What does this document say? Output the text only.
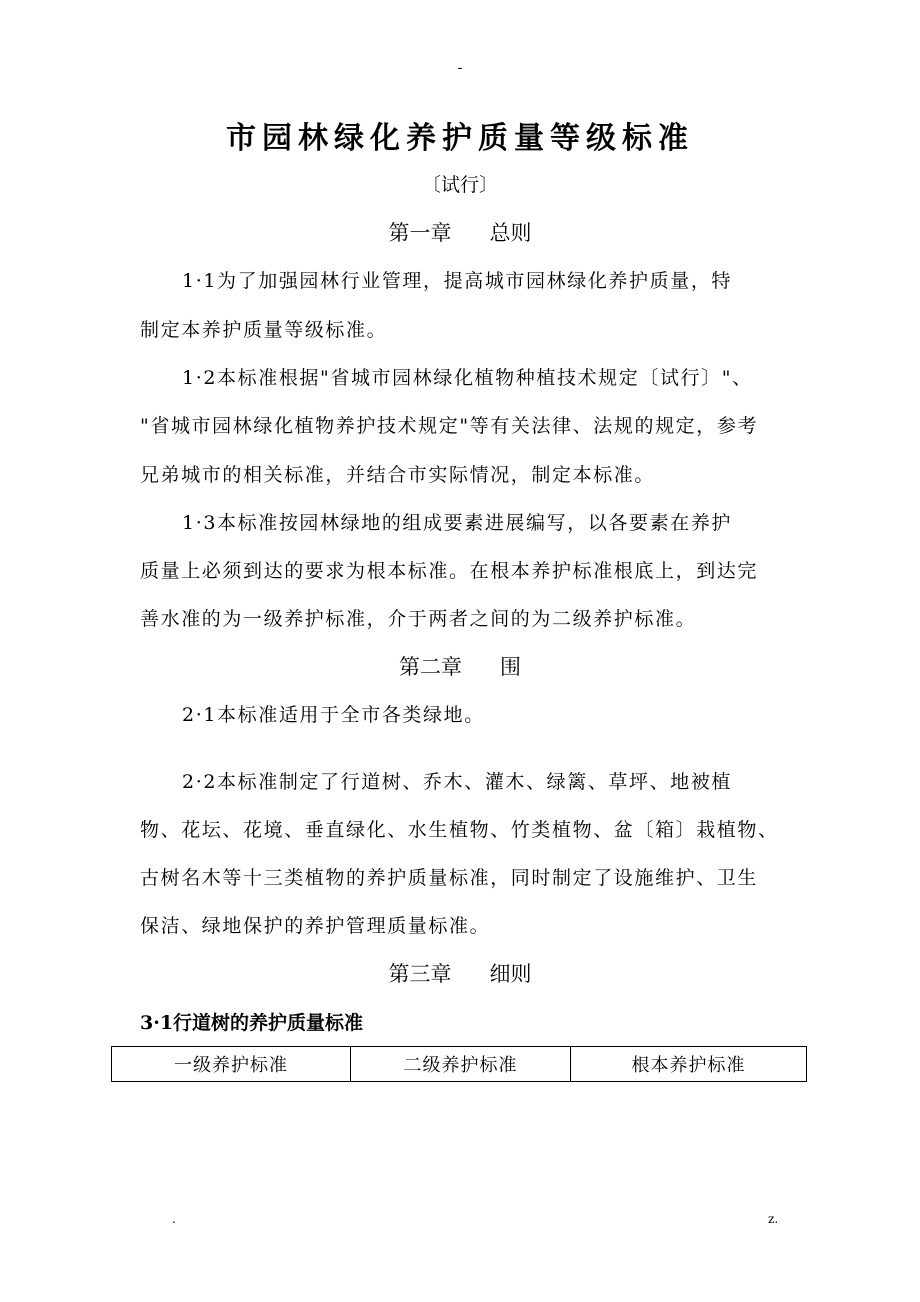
-
市园林绿化养护质量等级标准
〔试行〕
第一章 总则
1·1为了加强园林行业管理，提高城市园林绿化养护质量，特
制定本养护质量等级标准。
1·2本标准根据"省城市园林绿化植物种植技术规定〔试行〕"、
"省城市园林绿化植物养护技术规定"等有关法律、法规的规定，参考
兄弟城市的相关标准，并结合市实际情况，制定本标准。
1·3本标准按园林绿地的组成要素进展编写，以各要素在养护
质量上必须到达的要求为根本标准。在根本养护标准根底上，到达完
善水准的为一级养护标准，介于两者之间的为二级养护标准。
第二章 围
2·1本标准适用于全市各类绿地。
2·2本标准制定了行道树、乔木、灌木、绿篱、草坪、地被植
物、花坛、花境、垂直绿化、水生植物、竹类植物、盆〔箱〕栽植物、
古树名木等十三类植物的养护质量标准，同时制定了设施维护、卫生
保洁、绿地保护的养护管理质量标准。
第三章 细则
3·1行道树的养护质量标准
一级养护标准	二级养护标准	根本养护标准
.	z.
